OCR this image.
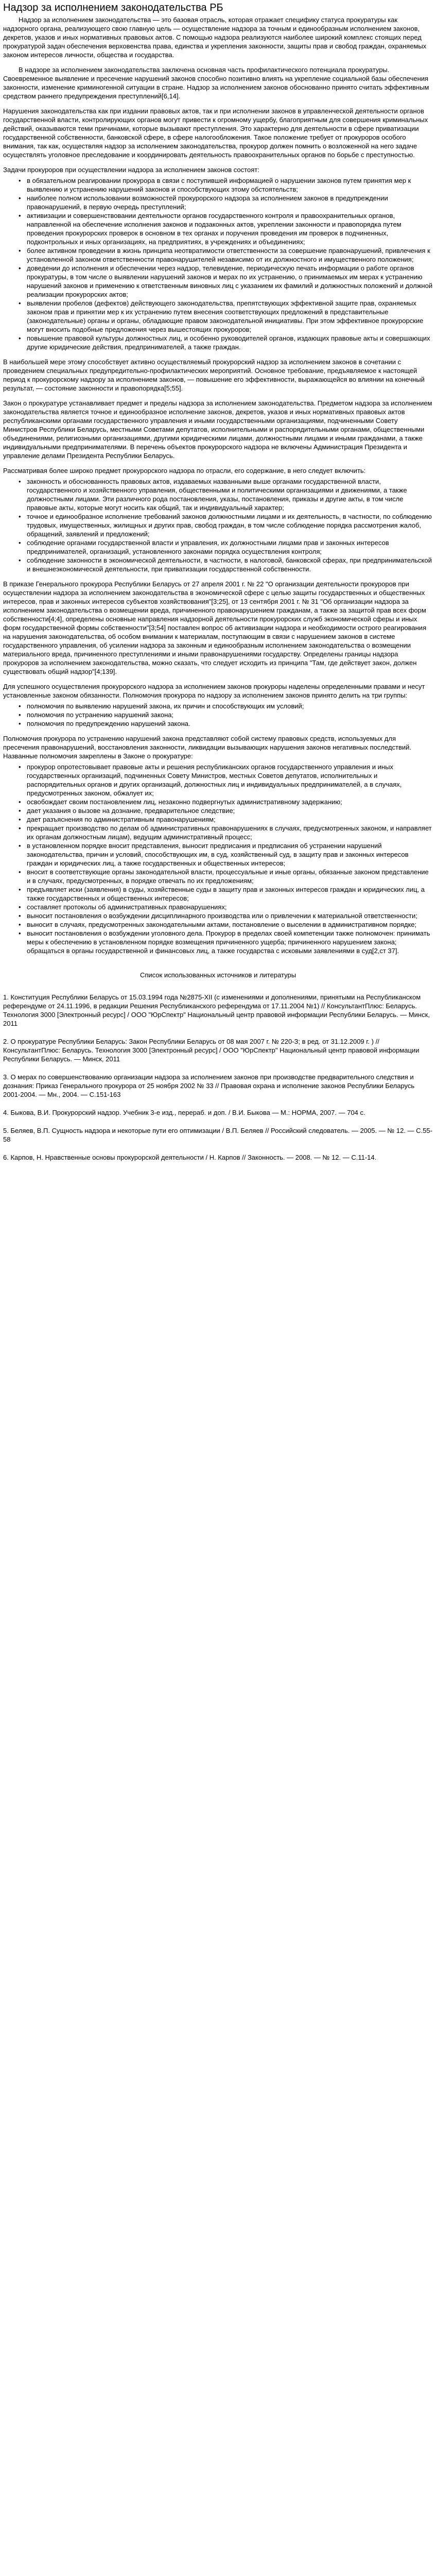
Надзор за исполнением законодательства РБ

Надзор за исполнением законодательства — это базовая отрасль, которая отражает специфику статуса прокуратуры как надзорного органа, реализующего свою главную цель — осуществление надзора за точным и единообразным исполнением законов, декретов, указов и иных нормативных правовых актов. С помощью надзора реализуются наиболее широкий комплекс стоящих перед прокуратурой задач обеспечения верховенства права, единства и укрепления законности, защиты прав и свобод граждан, охраняемых законом интересов личности, общества и государства.

В надзоре за исполнением законодательства заключена основная часть профилактического потенциала прокуратуры. Своевременное выявление и пресечение нарушений законов способно позитивно влиять на укрепление социальной базы обеспечения законности, изменение криминогенной ситуации в стране. Надзор за исполнением законов обоснованно принято считать эффективным средством раннего предупреждения преступлений[6,14].

Нарушения законодательства как при издании правовых актов, так и при исполнении законов в управленческой деятельности органов государственной власти, контролирующих органов могут привести к огромному ущербу, благоприятным для совершения криминальных действий, оказываются теми причинами, которые вызывают преступления. Это характерно для деятельности в сфере приватизации государственной собственности, банковской сфере, в сфере налогообложения. Такое положение требует от прокуроров особого внимания, так как, осуществляя надзор за исполнением законодательства, прокурор должен помнить о возложенной на него задаче осуществлять уголовное преследование и координировать деятельность правоохранительных органов по борьбе с преступностью.

Задачи прокуроров при осуществлении надзора за исполнением законов состоят:

• в обязательном реагировании прокурора в связи с поступившей информацией о нарушении законов путем принятия мер к выявлению и устранению нарушений законов и способствующих этому обстоятельств;
• наиболее полном использовании возможностей прокурорского надзора за исполнением законов в предупреждении правонарушений, в первую очередь преступлений;
• активизации и совершенствовании деятельности органов государственного контроля и правоохранительных органов, направленной на обеспечение исполнения законов и подзаконных актов, укреплении законности и правопорядка путем проведения прокурорских проверок в основном в тех органах и поручения проведения им проверок в подчиненных, подконтрольных и иных организациях, на предприятиях, в учреждениях и объединениях;
• более активном проведении в жизнь принципа неотвратимости ответственности за совершение правонарушений, привлечения к установленной законом ответственности правонарушителей независимо от их должностного и имущественного положения;
• доведении до исполнения и обеспечении через надзор, телевидение, периодическую печать информации о работе органов прокуратуры, в том числе о выявлении нарушений законов и мерах по их устранению, о принимаемых им мерах к устранению нарушений законов и применению к ответственным виновных лиц с указанием их фамилий и должностных положений и должной реализации прокурорских актов;
• выявлении пробелов (дефектов) действующего законодательства, препятствующих эффективной защите прав, охраняемых законом прав и принятии мер к их устранению путем внесения соответствующих предложений в представительные (законодательные) органы и органы, обладающие правом законодательной инициативы. При этом эффективное прокурорские могут вносить подобные предложения через вышестоящих прокуроров;
• повышение правовой культуры должностных лиц, и особенно руководителей органов, издающих правовые акты и совершающих другие юридические действия, предпринимателей, а также граждан.

В наибольшей мере этому способствует активно осуществляемый прокурорский надзор за исполнением законов в сочетании с проведением специальных предупредительно-профилактических мероприятий. Основное требование, предъявляемое к настоящей период к прокурорскому надзору за исполнением законов, — повышение его эффективности, выражающейся во влиянии на конечный результат, — состояние законности и правопорядка[5;55].

Закон о прокуратуре устанавливает предмет и пределы надзора за исполнением законодательства. Предметом надзора за исполнением законодательства является точное и единообразное исполнение законов, декретов, указов и иных нормативных правовых актов республиканскими органами государственного управления и иными государственными организациями, подчиненными Совету Министров Республики Беларусь, местными Советами депутатов, исполнительными и распорядительными органами, общественными объединениями, религиозными организациями, другими юридическими лицами, должностными лицами и иными гражданами, а также индивидуальными предпринимателями. В перечень объектов прокурорского надзора не включены Администрация Президента и управление делами Президента Республики Беларусь.

Рассматривая более широко предмет прокурорского надзора по отрасли, его содержание, в него следует включить:

• законность и обоснованность правовых актов, издаваемых названными выше органами государственной власти, государственного и хозяйственного управления, общественными и политическими организациями и движениями, а также должностными лицами. Эти различного рода постановления, указы, постановления, приказы и другие акты, в том числе правовые акты, которые могут носить как общий, так и индивидуальный характер;
• точное и единообразное исполнение требований законов должностными лицами и их деятельность, в частности, по соблюдению трудовых, имущественных, жилищных и других прав, свобод граждан, в том числе соблюдение порядка рассмотрения жалоб, обращений, заявлений и предложений;
• соблюдение органами государственной власти и управления, их должностными лицами прав и законных интересов предпринимателей, организаций, установленного законами порядка осуществления контроля;
• соблюдение законности в экономической деятельности, в частности, в налоговой, банковской сферах, при предпринимательской и внешнеэкономической деятельности, при приватизации государственной собственности.

В приказе Генерального прокурора Республики Беларусь от 27 апреля 2001 г. № 22 "О организации деятельности прокуроров при осуществлении надзора за исполнением законодательства в экономической сфере с целью защиты государственных и общественных интересов, прав и законных интересов субъектов хозяйствования"[3;25], от 13 сентября 2001 г. № 31 "Об организации надзора за исполнением законодательства о возмещении вреда, причиненного правонарушением гражданам, а также за защитой прав всех форм собственности[4;4], определены основные направления надзорной деятельности прокурорских служб экономической сферы и иных форм государственной формы собственности"[3;54] поставлен вопрос об активизации надзора и необходимости острого реагирования на нарушения законодательства, об особом внимании к материалам, поступающим в связи с нарушением законов в системе государственного управления, об усилении надзора за законным и единообразным исполнением законодательства о возмещении материального вреда, причиненного преступлениями и иными правонарушениями государству. Определены границы надзора прокуроров за исполнением законодательства, можно сказать, что следует исходить из принципа "Там, где действует закон, должен существовать общий надзор"[4;139].

Для успешного осуществления прокурорского надзора за исполнением законов прокуроры наделены определенными правами и несут установленные законом обязанности. Полномочия прокурора по надзору за исполнением законов принято делить на три группы:

• полномочия по выявлению нарушений закона, их причин и способствующих им условий;
• полномочия по устранению нарушений закона;
• полномочия по предупреждению нарушений закона.

Полномочия прокурора по устранению нарушений закона представляют собой систему правовых средств, используемых для пресечения правонарушений, восстановления законности, ликвидации вызывающих нарушения законов негативных последствий. Названные полномочия закреплены в Законе о прокуратуре:

• прокурор опротестовывает правовые акты и решения республиканских органов государственного управления и иных государственных организаций, подчиненных Совету Министров, местных Советов депутатов, исполнительных и распорядительных органов и других организаций, должностных лиц и индивидуальных предпринимателей, а в случаях, предусмотренных законом, обжалует их;
• освобождает своим постановлением лиц, незаконно подвергнутых административному задержанию;
• дает указания о вызове на дознание, предварительное следствие;
• дает разъяснения по административным правонарушениям;
• прекращает производство по делам об административных правонарушениях в случаях, предусмотренных законом, и направляет их органам должностным лицам), ведущим административный процесс;
• в установленном порядке вносит представления, выносит предписания и предписания об устранении нарушений законодательства, причин и условий, способствующих им, в суд, хозяйственный суд, в защиту прав и законных интересов граждан и юридических лиц, а также государственных и общественных интересов;
• вносит в соответствующие органы законодательной власти, процессуальные и иные органы, обязанные законом представление и в случаях, предусмотренных, в порядке отвечать по их предложениям;
• предъявляет иски (заявления) в суды, хозяйственные суды в защиту прав и законных интересов граждан и юридических лиц, а также государственных и общественных интересов;
• составляет протоколы об административных правонарушениях;
• выносит постановления о возбуждении дисциплинарного производства или о привлечении к материальной ответственности;
• выносит в случаях, предусмотренных законодательными актами, постановление о выселении в административном порядке;
• выносит постановления о возбуждении уголовного дела. Прокурор в пределах своей компетенции также полномочен: принимать меры к обеспечению в установленном порядке возмещения причиненного ущерба; причиненного нарушением закона; обращаться в органы государственной и финансовых лиц, а также государства с исковыми заявлениями в суд[2,ст 37].

Список использованных источников и литературы

1. Конституция Республики Беларусь от 15.03.1994 года №2875-XII (с изменениями и дополнениями, принятыми на Республиканском референдуме от 24.11.1996, в редакции Решения Республиканского референдума от 17.11.2004 №1) // КонсультантПлюс: Беларусь. Технология 3000 [Электронный ресурс] / ООО "ЮрСпектр" Национальный центр правовой информации Республики Беларусь. — Минск, 2011

2. О прокуратуре Республики Беларусь: Закон Республики Беларусь от 08 мая 2007 г. № 220-З; в ред. от 31.12.2009 г. ) // КонсультантПлюс: Беларусь. Технология 3000 [Электронный ресурс] / ООО "ЮрСпектр" Национальный центр правовой информации Республики Беларусь. — Минск, 2011

3. О мерах по совершенствованию организации надзора за исполнением законов при производстве предварительного следствия и дознания: Приказ Генерального прокурора от 25 ноября 2002 № 33 // Правовая охрана и исполнение законов Республики Беларусь 2001-2004. — Мн., 2004. — С.151-163

4. Быкова, В.И. Прокурорский надзор. Учебник 3-е изд., перераб. и доп. / В.И. Быкова — М.: НОРМА, 2007. — 704 с.

5. Беляев, В.П. Сущность надзора и некоторые пути его оптимизации / В.П. Беляев // Российский следователь. — 2005. — № 12. — С.55-58

6. Карпов, Н. Нравственные основы прокурорской деятельности / Н. Карпов // Законность. — 2008. — № 12. — С.11-14.
